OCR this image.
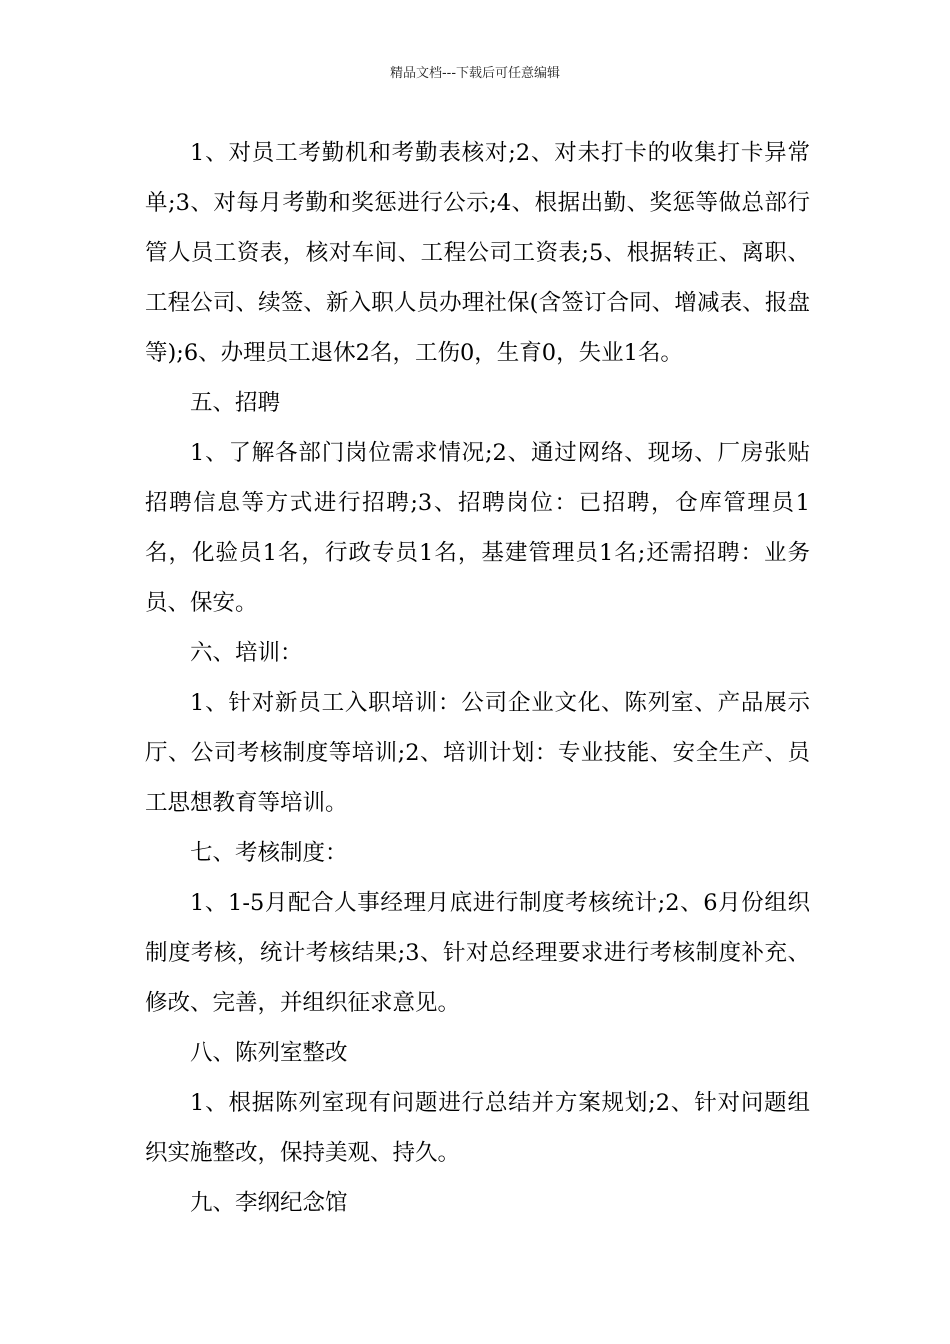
精品文档---下载后可任意编辑

1、对员工考勤机和考勤表核对;2、对未打卡的收集打卡异常单;3、对每月考勤和奖惩进行公示;4、根据出勤、奖惩等做总部行管人员工资表，核对车间、工程公司工资表;5、根据转正、离职、工程公司、续签、新入职人员办理社保(含签订合同、增减表、报盘等);6、办理员工退休2名，工伤0，生育0，失业1名。

五、招聘

1、了解各部门岗位需求情况;2、通过网络、现场、厂房张贴招聘信息等方式进行招聘;3、招聘岗位：已招聘，仓库管理员1名，化验员1名，行政专员1名，基建管理员1名;还需招聘：业务员、保安。

六、培训：

1、针对新员工入职培训：公司企业文化、陈列室、产品展示厅、公司考核制度等培训;2、培训计划：专业技能、安全生产、员工思想教育等培训。

七、考核制度：

1、1-5月配合人事经理月底进行制度考核统计;2、6月份组织制度考核，统计考核结果;3、针对总经理要求进行考核制度补充、修改、完善，并组织征求意见。

八、陈列室整改

1、根据陈列室现有问题进行总结并方案规划;2、针对问题组织实施整改，保持美观、持久。

九、李纲纪念馆
